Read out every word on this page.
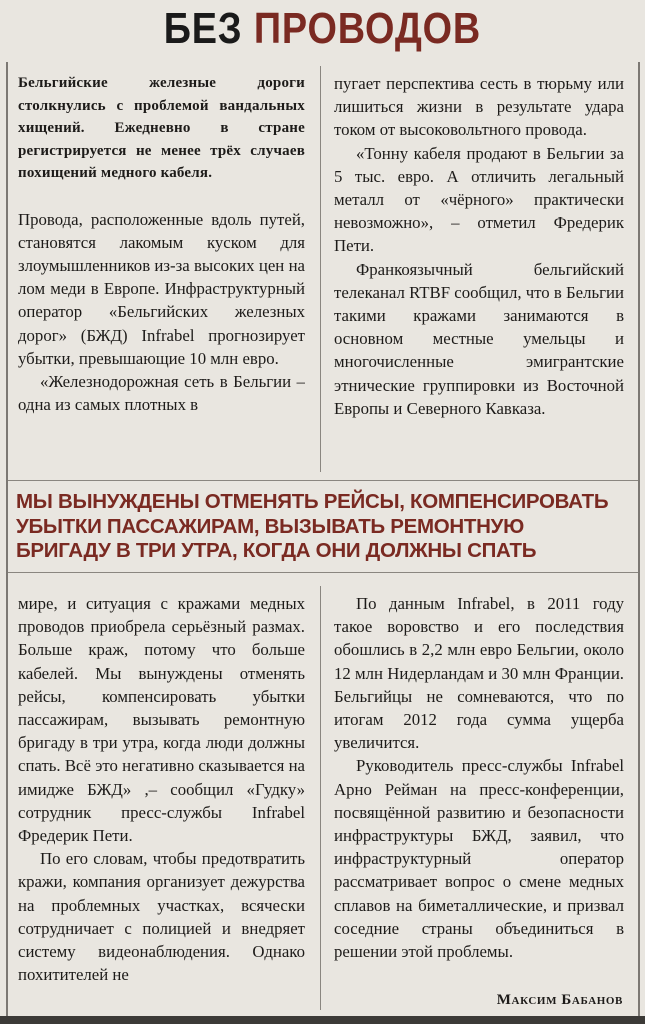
БЕЗ ПРОВОДОВ

Бельгийские железные дороги столкнулись с проблемой вандальных хищений. Ежедневно в стране регистрируется не менее трёх случаев похищений медного кабеля.

Провода, расположенные вдоль путей, становятся лакомым куском для злоумышленников из-за высоких цен на лом меди в Европе. Инфраструктурный оператор «Бельгийских железных дорог» (БЖД) Infrabel прогнозирует убытки, превышающие 10 млн евро.

«Железнодорожная сеть в Бельгии – одна из самых плотных в

пугает перспектива сесть в тюрьму или лишиться жизни в результате удара током от высоковольтного провода.

«Тонну кабеля продают в Бельгии за 5 тыс. евро. А отличить легальный металл от «чёрного» практически невозможно», – отметил Фредерик Пети.

Франкоязычный бельгийский телеканал RTBF сообщил, что в Бельгии такими кражами занимаются в основном местные умельцы и многочисленные эмигрантские этнические группировки из Восточной Европы и Северного Кавказа.

МЫ ВЫНУЖДЕНЫ ОТМЕНЯТЬ РЕЙСЫ, КОМПЕНСИРОВАТЬ УБЫТКИ ПАССАЖИРАМ, ВЫЗЫВАТЬ РЕМОНТНУЮ БРИГАДУ В ТРИ УТРА, КОГДА ОНИ ДОЛЖНЫ СПАТЬ

мире, и ситуация с кражами медных проводов приобрела серьёзный размах. Больше краж, потому что больше кабелей. Мы вынуждены отменять рейсы, компенсировать убытки пассажирам, вызывать ремонтную бригаду в три утра, когда люди должны спать. Всё это негативно сказывается на имидже БЖД» ,– сообщил «Гудку» сотрудник пресс-службы Infrabel Фредерик Пети.

По его словам, чтобы предотвратить кражи, компания организует дежурства на проблемных участках, всячески сотрудничает с полицией и внедряет систему видеонаблюдения. Однако похитителей не

По данным Infrabel, в 2011 году такое воровство и его последствия обошлись в 2,2 млн евро Бельгии, около 12 млн Нидерландам и 30 млн Франции. Бельгийцы не сомневаются, что по итогам 2012 года сумма ущерба увеличится.

Руководитель пресс-службы Infrabel Арно Рейман на пресс-конференции, посвящённой развитию и безопасности инфраструктуры БЖД, заявил, что инфраструктурный оператор рассматривает вопрос о смене медных сплавов на биметаллические, и призвал соседние страны объединиться в решении этой проблемы.

Максим Бабанов
